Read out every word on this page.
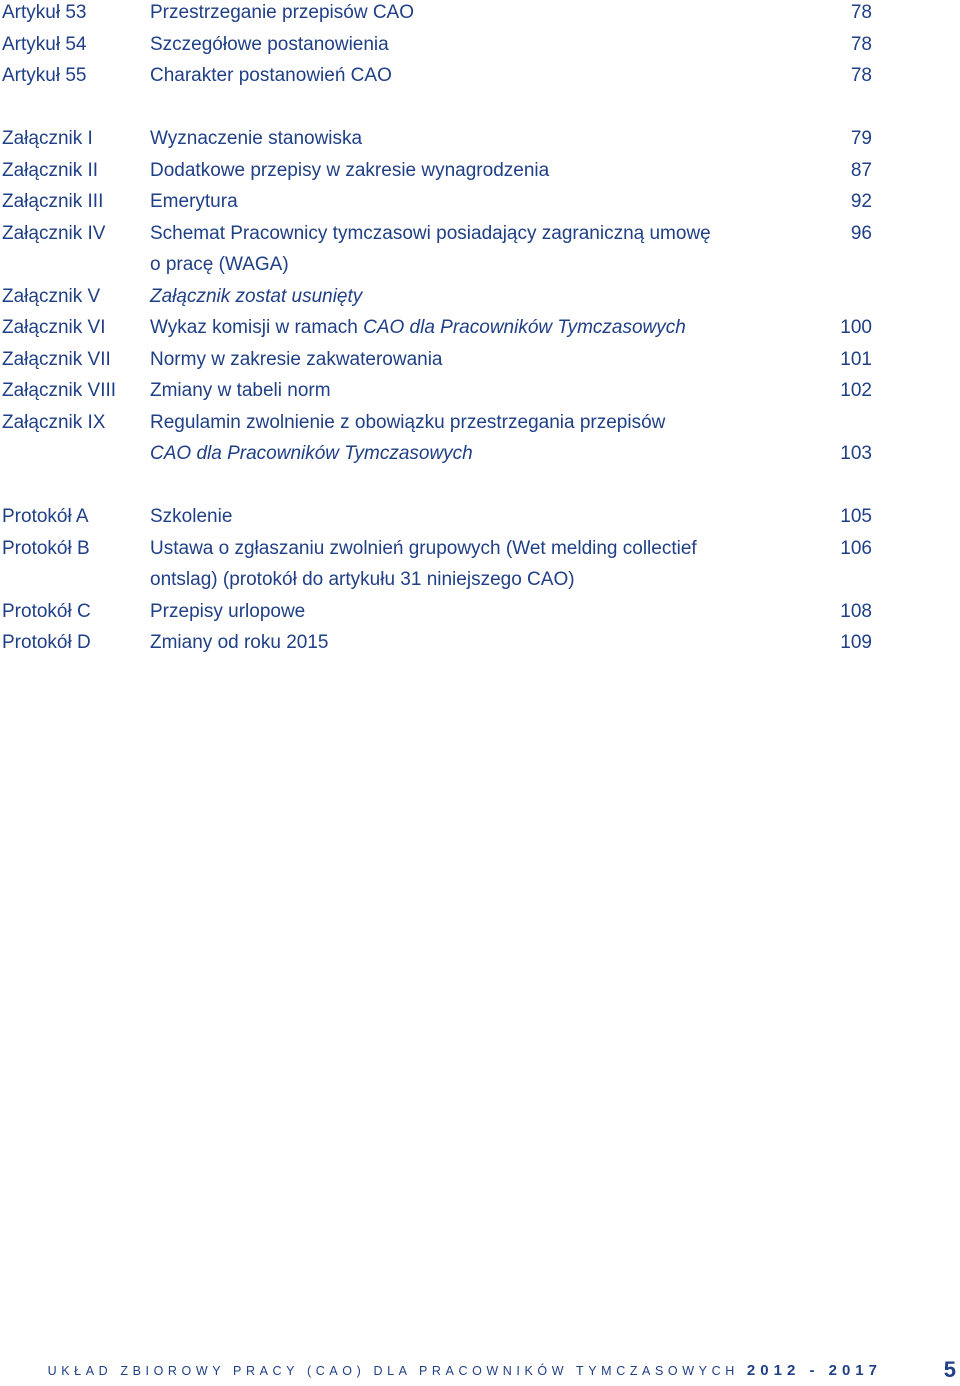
Artykuł 53	Przestrzeganie przepisów CAO	78
Artykuł 54	Szczegółowe postanowienia	78
Artykuł 55	Charakter postanowień CAO	78
Załącznik I	Wyznaczenie stanowiska	79
Załącznik II	Dodatkowe przepisy w zakresie wynagrodzenia	87
Załącznik III Emerytura	92
Załącznik IV Schemat Pracownicy tymczasowi posiadający zagraniczną umowę	96
o pracę (WAGA)
Załącznik V	Załącznik zostat usunięty
Załącznik VI Wykaz komisji w ramach CAO dla Pracowników Tymczasowych	100
Załącznik VII Normy w zakresie zakwaterowania	101
Załącznik VIII Zmiany w tabeli norm	102
Załącznik IX Regulamin zwolnienie z obowiązku przestrzegania przepisów
CAO dla Pracowników Tymczasowych	103
Protokół A	Szkolenie	105
Protokół B	Ustawa o zgłaszaniu zwolnień grupowych (Wet melding collectief	106
ontslag) (protokół do artykułu 31 niniejszego CAO)
Protokół C	Przepisy urlopowe	108
Protokół D	Zmiany od roku 2015	109
UKŁAD ZBIOROWY PRACY (CAO) DLA PRACOWNIKÓW TYMCZASOWYCH 2012 - 2017	5
